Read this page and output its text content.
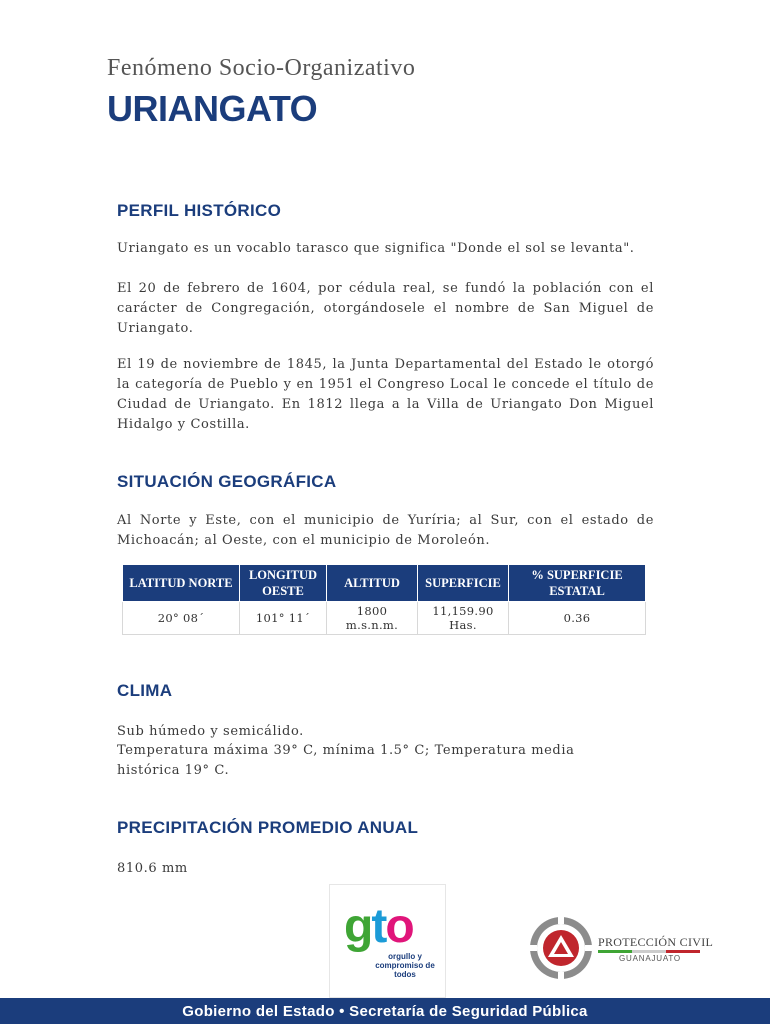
Fenómeno Socio-Organizativo
URIANGATO
PERFIL HISTÓRICO
Uriangato es un vocablo tarasco que significa "Donde el sol se levanta".
El 20 de febrero de 1604, por cédula real, se fundó la población con el carácter de Congregación, otorgándosele el nombre de San Miguel de Uriangato.
El 19 de noviembre de 1845, la Junta Departamental del Estado le otorgó la categoría de Pueblo y en 1951 el Congreso Local le concede el título de Ciudad de Uriangato. En 1812 llega a la Villa de Uriangato Don Miguel Hidalgo y Costilla.
SITUACIÓN GEOGRÁFICA
Al Norte y Este, con el municipio de Yuríria; al Sur, con el estado de Michoacán; al Oeste, con el municipio de Moroleón.
LATITUD NORTE	LONGITUD OESTE	ALTITUD	SUPERFICIE	% SUPERFICIE ESTATAL
20° 08´	101° 11´	1800 m.s.n.m.	11,159.90 Has.	0.36
CLIMA
Sub húmedo y semicálido.
Temperatura máxima 39° C, mínima 1.5° C; Temperatura media histórica 19° C.
PRECIPITACIÓN PROMEDIO ANUAL
810.6 mm
gto
orgullo y compromiso de todos
PROTECCIÓN CIVIL
GUANAJUATO
Gobierno del Estado • Secretaría de Seguridad Pública
